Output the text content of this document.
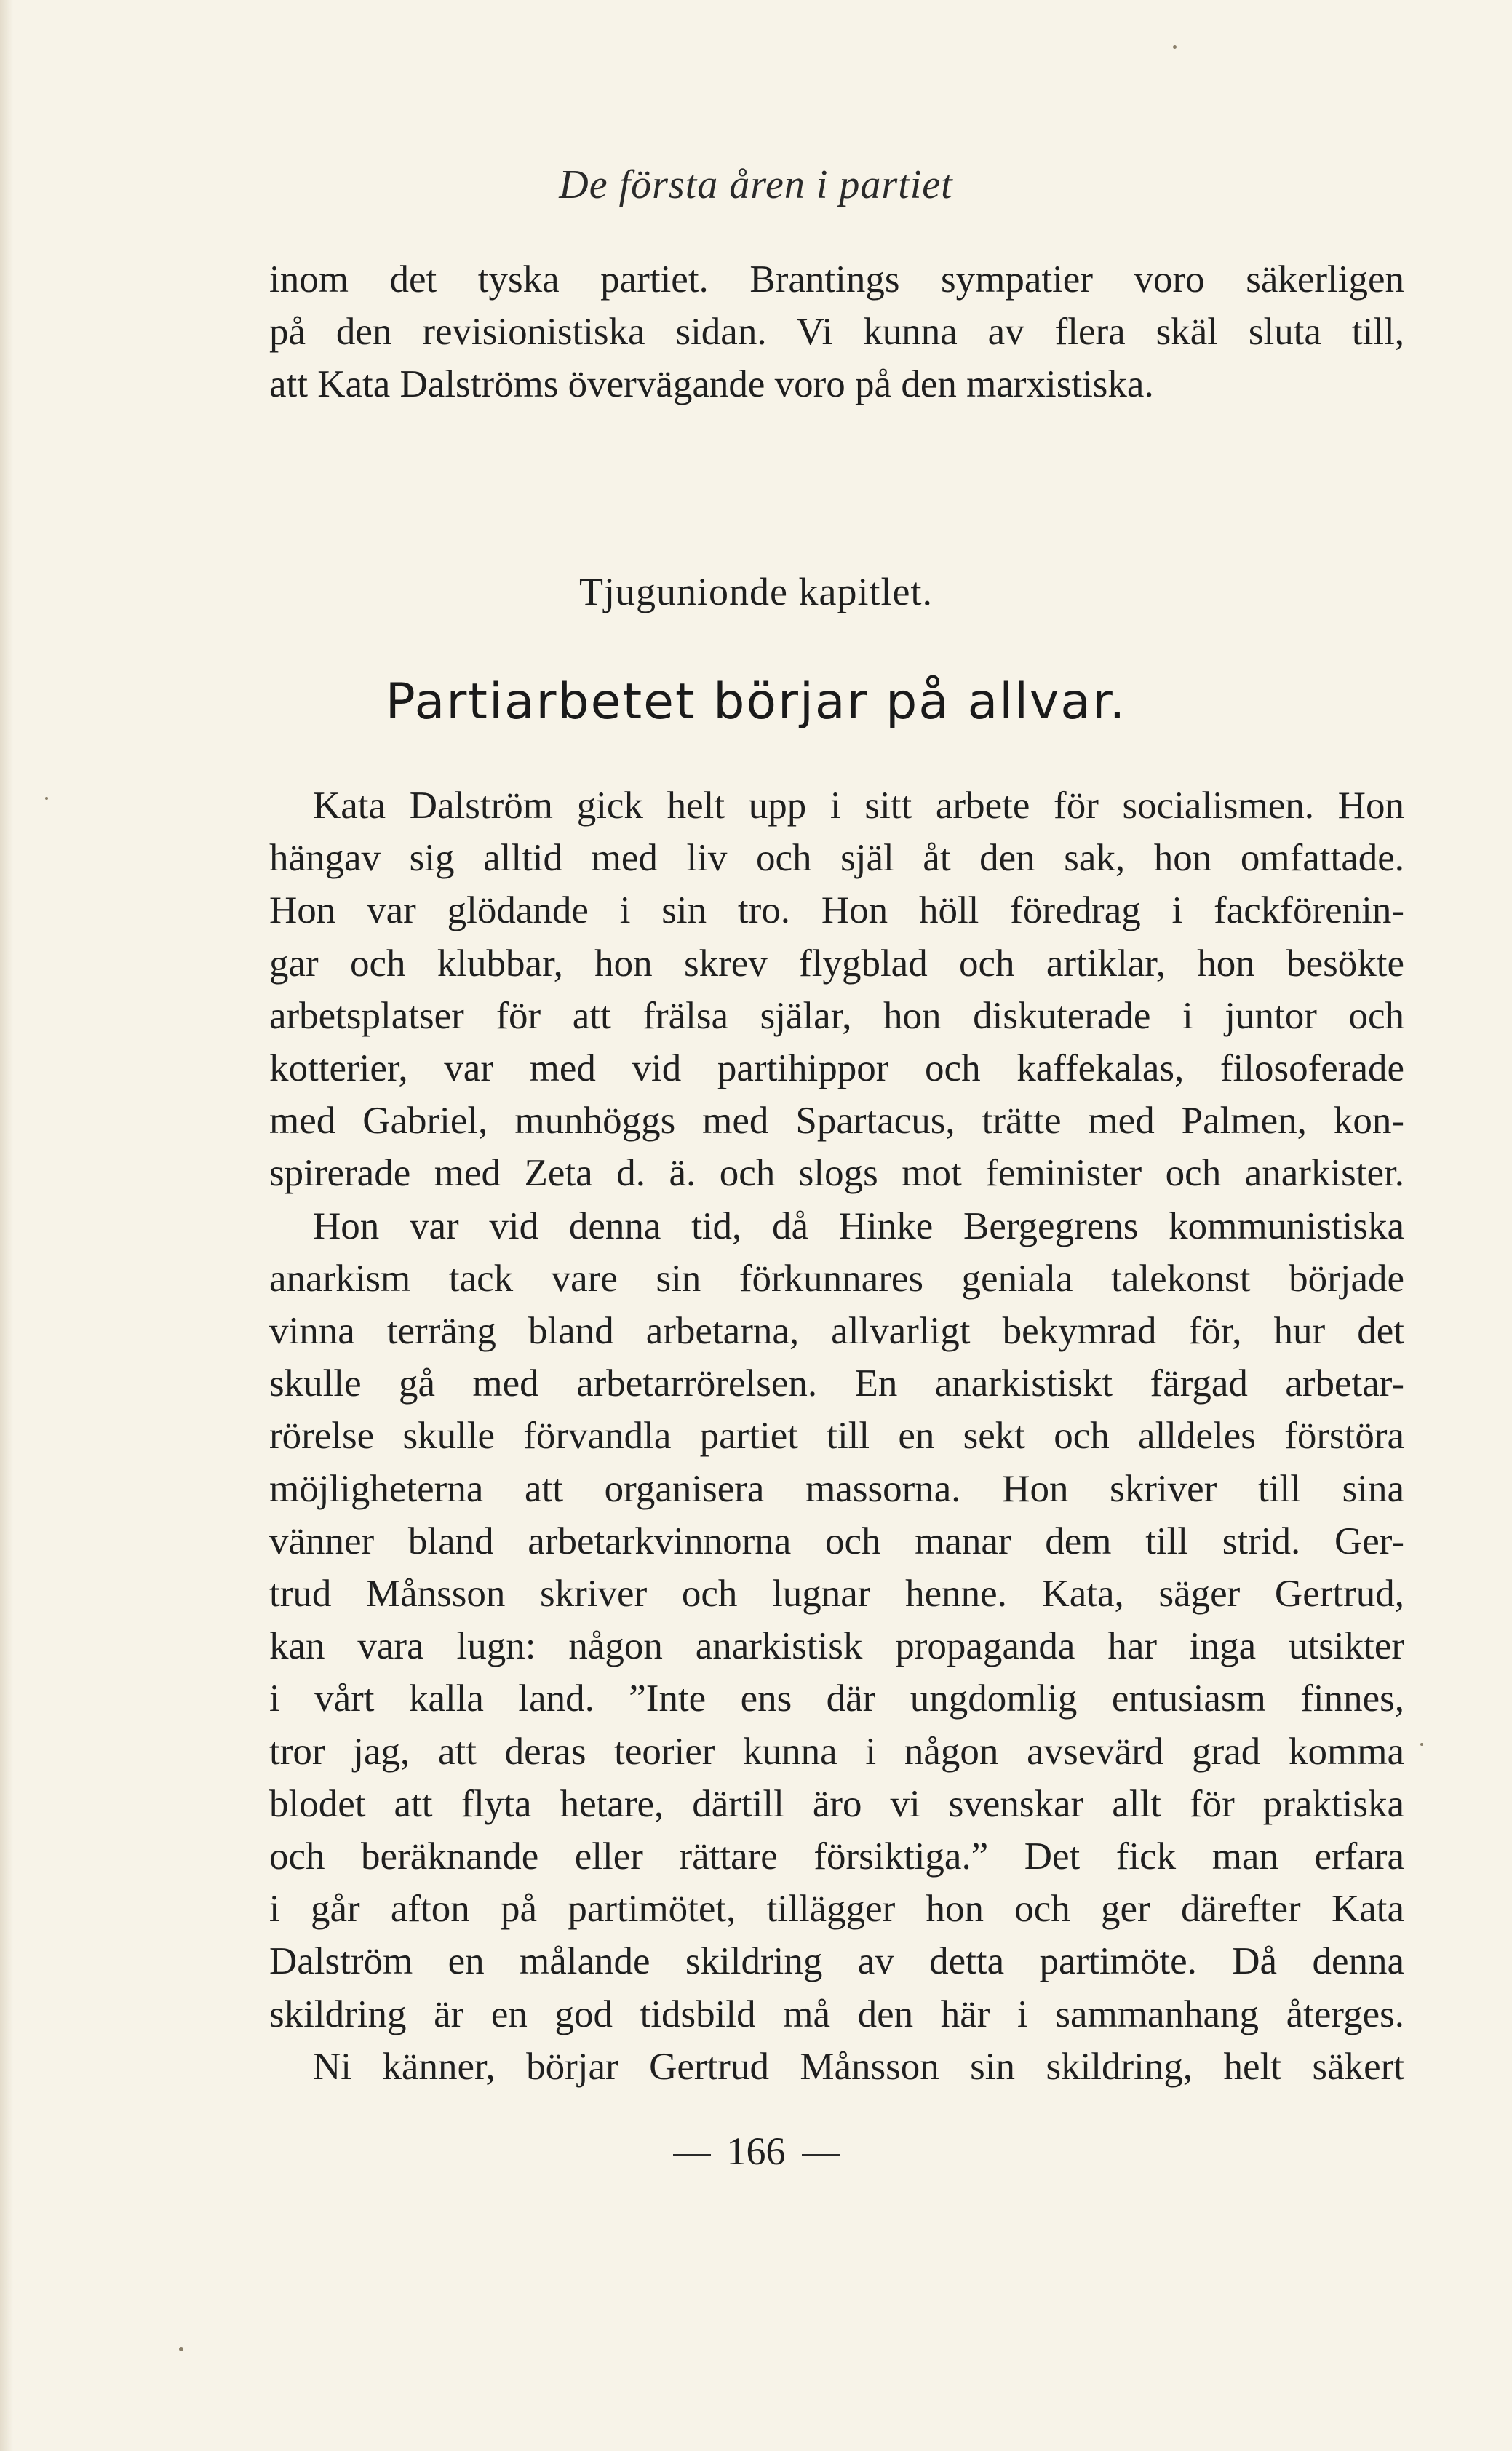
De första åren i partiet
inom det tyska partiet. Brantings sympatier voro säkerligen
på den revisionistiska sidan. Vi kunna av flera skäl sluta till,
att Kata Dalströms övervägande voro på den marxistiska.
Tjugunionde kapitlet.
Partiarbetet börjar på allvar.
Kata Dalström gick helt upp i sitt arbete för socialismen. Hon
hängav sig alltid med liv och själ åt den sak, hon omfattade.
Hon var glödande i sin tro. Hon höll föredrag i fackförenin-
gar och klubbar, hon skrev flygblad och artiklar, hon besökte
arbetsplatser för att frälsa själar, hon diskuterade i juntor och
kotterier, var med vid partihippor och kaffekalas, filosoferade
med Gabriel, munhöggs med Spartacus, trätte med Palmen, kon-
spirerade med Zeta d. ä. och slogs mot feminister och anarkister.
Hon var vid denna tid, då Hinke Bergegrens kommunistiska
anarkism tack vare sin förkunnares geniala talekonst började
vinna terräng bland arbetarna, allvarligt bekymrad för, hur det
skulle gå med arbetarrörelsen. En anarkistiskt färgad arbetar-
rörelse skulle förvandla partiet till en sekt och alldeles förstöra
möjligheterna att organisera massorna. Hon skriver till sina
vänner bland arbetarkvinnorna och manar dem till strid. Ger-
trud Månsson skriver och lugnar henne. Kata, säger Gertrud,
kan vara lugn: någon anarkistisk propaganda har inga utsikter
i vårt kalla land. ”Inte ens där ungdomlig entusiasm finnes,
tror jag, att deras teorier kunna i någon avsevärd grad komma
blodet att flyta hetare, därtill äro vi svenskar allt för praktiska
och beräknande eller rättare försiktiga.” Det fick man erfara
i går afton på partimötet, tillägger hon och ger därefter Kata
Dalström en målande skildring av detta partimöte. Då denna
skildring är en god tidsbild må den här i sammanhang återges.
Ni känner, börjar Gertrud Månsson sin skildring, helt säkert
166
